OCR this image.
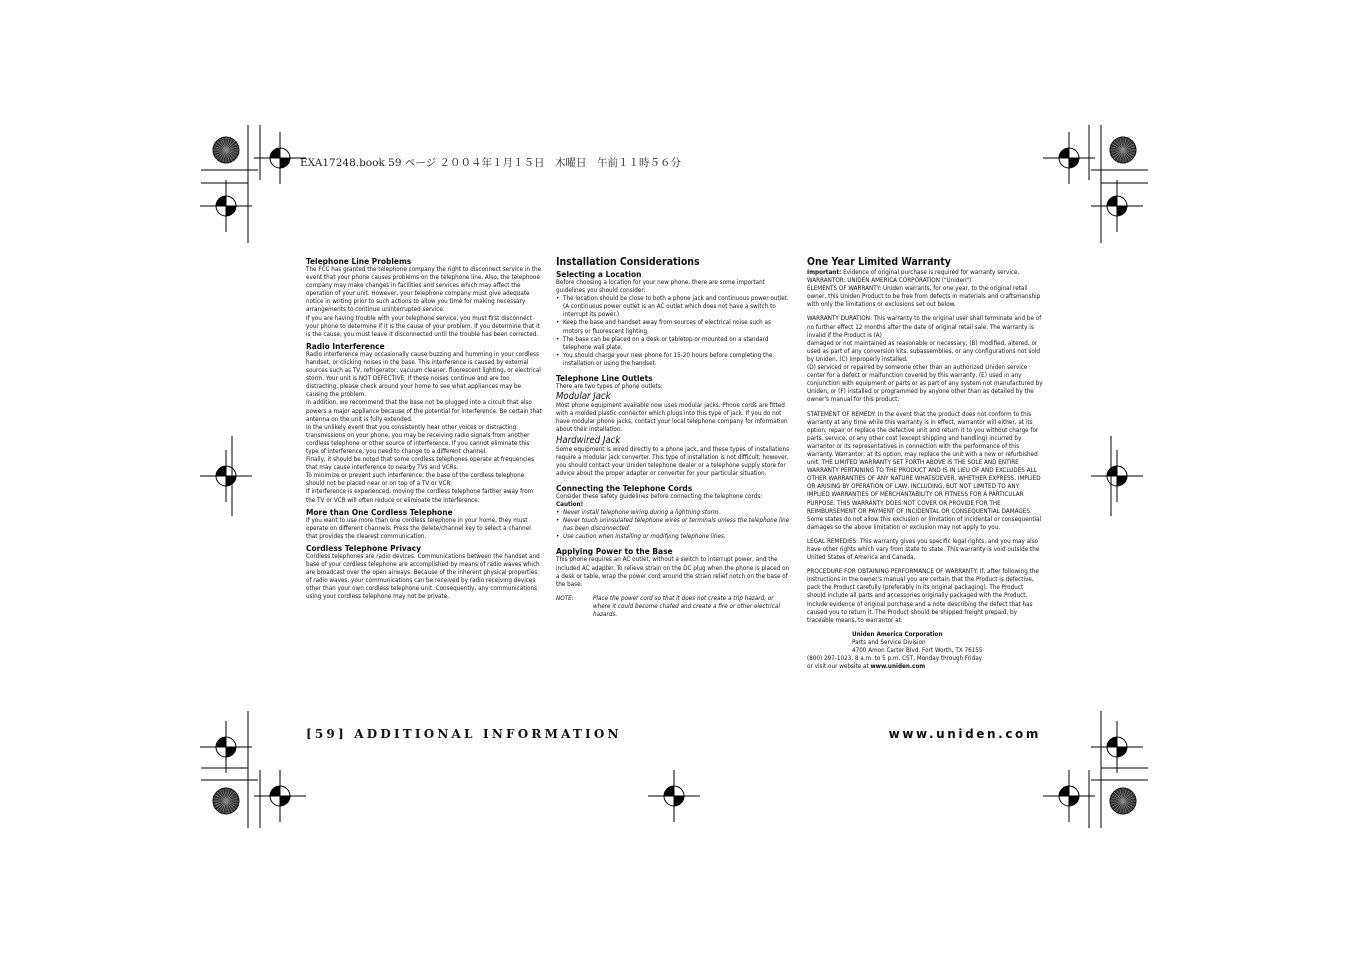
EXA17248.book 59 ページ ２００４年１月１５日　木曜日　午前１１時５６分

Telephone Line Problems

The FCC has granted the telephone company the right to disconnect service in the event that your phone causes problems on the telephone line. Also, the telephone company may make changes in facilities and services which may affect the operation of your unit. However, your telephone company must give adequate notice in writing prior to such actions to allow you time for making necessary arrangements to continue uninterrupted service.

If you are having trouble with your telephone service, you must first disconnect your phone to determine if it is the cause of your problem. If you determine that it is the cause, you must leave it disconnected until the trouble has been corrected.

Radio Interference

Radio interference may occasionally cause buzzing and humming in your cordless handset, or clicking noises in the base. This interference is caused by external sources such as TV, refrigerator, vacuum cleaner, fluorescent lighting, or electrical storm. Your unit is NOT DEFECTIVE. If these noises continue and are too distracting, please check around your home to see what appliances may be causing the problem.

In addition, we recommend that the base not be plugged into a circuit that also powers a major appliance because of the potential for interference. Be certain that antenna on the unit is fully extended.

In the unlikely event that you consistently hear other voices or distracting transmissions on your phone, you may be receiving radio signals from another cordless telephone or other source of interference. If you cannot eliminate this type of interference, you need to change to a different channel.

Finally, it should be noted that some cordless telephones operate at frequencies that may cause interference to nearby TVs and VCRs.

To minimize or prevent such interference, the base of the cordless telephone should not be placed near or on top of a TV or VCR.

If interference is experienced, moving the cordless telephone farther away from the TV or VCR will often reduce or eliminate the interference.

More than One Cordless Telephone

If you want to use more than one cordless telephone in your home, they must operate on different channels. Press the delete/channel key to select a channel that provides the clearest communication.

Cordless Telephone Privacy

Cordless telephones are radio devices. Communications between the handset and base of your cordless telephone are accomplished by means of radio waves which are broadcast over the open airways. Because of the inherent physical properties of radio waves, your communications can be received by radio receiving devices other than your own cordless telephone unit. Consequently, any communications using your cordless telephone may not be private.

Installation Considerations

Selecting a Location

Before choosing a location for your new phone, there are some important guidelines you should consider:

• The location should be close to both a phone jack and continuous power outlet. (A continuous power outlet is an AC outlet which does not have a switch to interrupt its power.)
• Keep the base and handset away from sources of electrical noise such as motors or fluorescent lighting.
• The base can be placed on a desk or tabletop or mounted on a standard telephone wall plate.
• You should charge your new phone for 15-20 hours before completing the installation or using the handset.

Telephone Line Outlets

There are two types of phone outlets:

Modular Jack

Most phone equipment available now uses modular jacks. Phone cords are fitted with a molded plastic connector which plugs into this type of jack. If you do not have modular phone jacks, contact your local telephone company for information about their installation.

Hardwired Jack

Some equipment is wired directly to a phone jack, and these types of installations require a modular jack converter. This type of installation is not difficult; however, you should contact your Uniden telephone dealer or a telephone supply store for advice about the proper adapter or converter for your particular situation.

Connecting the Telephone Cords

Consider these safety guidelines before connecting the telephone cords:

Caution!

• Never install telephone wiring during a lightning storm.
• Never touch uninsulated telephone wires or terminals unless the telephone line has been disconnected.
• Use caution when installing or modifying telephone lines.

Applying Power to the Base

This phone requires an AC outlet, without a switch to interrupt power, and the included AC adapter. To relieve strain on the DC plug when the phone is placed on a desk or table, wrap the power cord around the strain relief notch on the base of the base.

NOTE:	Place the power cord so that it does not create a trip hazard, or where it could become chafed and create a fire or other electrical hazards.

One Year Limited Warranty

Important: Evidence of original purchase is required for warranty service.

WARRANTOR: UNIDEN AMERICA CORPORATION ("Uniden")

ELEMENTS OF WARRANTY: Uniden warrants, for one year, to the original retail owner, this Uniden Product to be free from defects in materials and craftsmanship with only the limitations or exclusions set out below.

WARRANTY DURATION: This warranty to the original user shall terminate and be of no further effect 12 months after the date of original retail sale. The warranty is invalid if the Product is (A)

damaged or not maintained as reasonable or necessary, (B) modified, altered, or used as part of any conversion kits, subassemblies, or any configurations not sold by Uniden, (C) improperly installed,

(D) serviced or repaired by someone other than an authorized Uniden service center for a defect or malfunction covered by this warranty, (E) used in any conjunction with equipment or parts or as part of any system not manufactured by Uniden, or (F) installed or programmed by anyone other than as detailed by the owner's manual for this product.

STATEMENT OF REMEDY: In the event that the product does not conform to this warranty at any time while this warranty is in effect, warrantor will either, at its option, repair or replace the defective unit and return it to you without charge for parts, service, or any other cost (except shipping and handling) incurred by warrantor or its representatives in connection with the performance of this warranty. Warrantor, at its option, may replace the unit with a new or refurbished unit. THE LIMITED WARRANTY SET FORTH ABOVE IS THE SOLE AND ENTIRE WARRANTY PERTAINING TO THE PRODUCT AND IS IN LIEU OF AND EXCLUDES ALL OTHER WARRANTIES OF ANY NATURE WHATSOEVER, WHETHER EXPRESS, IMPLIED OR ARISING BY OPERATION OF LAW, INCLUDING, BUT NOT LIMITED TO ANY IMPLIED WARRANTIES OF MERCHANTABILITY OR FITNESS FOR A PARTICULAR PURPOSE. THIS WARRANTY DOES NOT COVER OR PROVIDE FOR THE REIMBURSEMENT OR PAYMENT OF INCIDENTAL OR CONSEQUENTIAL DAMAGES. Some states do not allow this exclusion or limitation of incidental or consequential damages so the above limitation or exclusion may not apply to you.

LEGAL REMEDIES: This warranty gives you specific legal rights, and you may also have other rights which vary from state to state. This warranty is void outside the United States of America and Canada.

PROCEDURE FOR OBTAINING PERFORMANCE OF WARRANTY: If, after following the instructions in the owner's manual you are certain that the Product is defective, pack the Product carefully (preferably in its original packaging). The Product should include all parts and accessories originally packaged with the Product. Include evidence of original purchase and a note describing the defect that has caused you to return it. The Product should be shipped freight prepaid, by traceable means, to warrantor at:

Uniden America Corporation

Parts and Service Division

4700 Amon Carter Blvd. Fort Worth, TX 76155

(800) 297-1023, 8 a.m. to 5 p.m. CST, Monday through Friday

or visit our website at www.uniden.com

[59] ADDITIONAL INFORMATION	www.uniden.com
